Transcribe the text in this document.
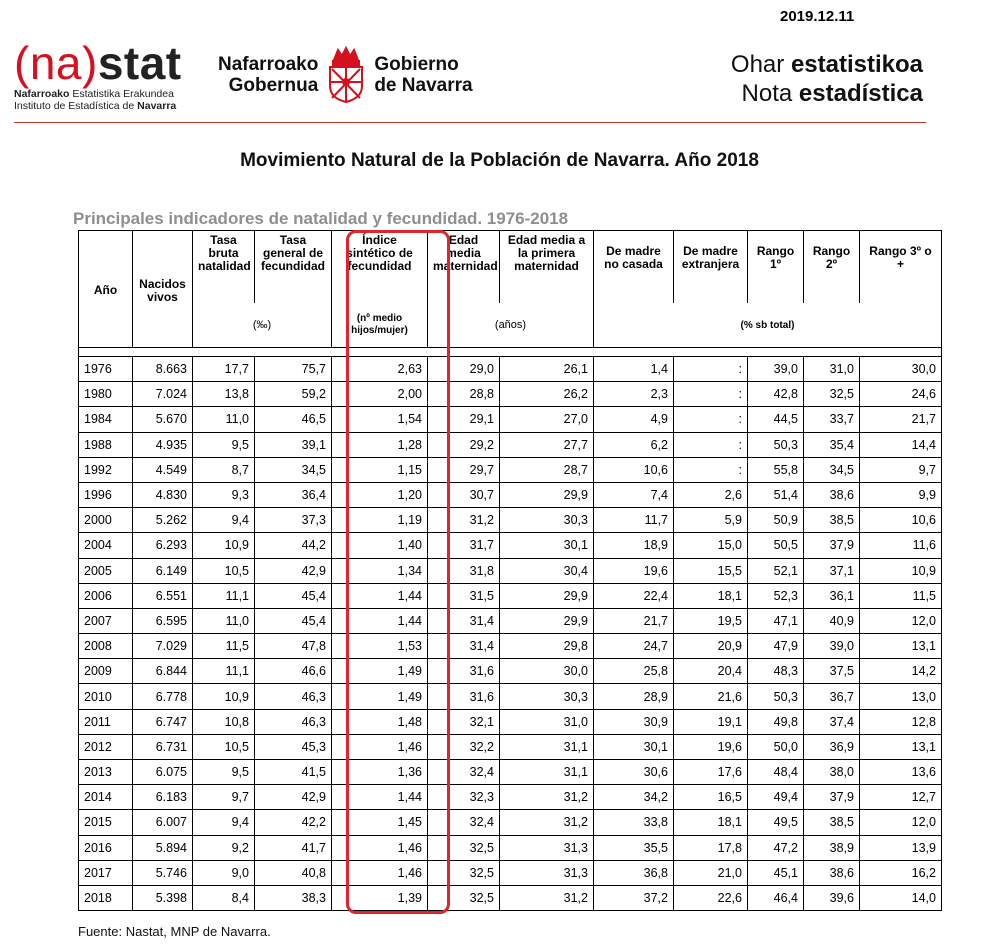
2019.12.11
(na)stat
Nafarroako Estatistika Erakundea
Instituto de Estadística de Navarra
Nafarroako
Gobernua
Gobierno
de Navarra
Ohar estatistikoa
Nota estadística
Movimiento Natural de la Población de Navarra. Año 2018
Principales indicadores de natalidad y fecundidad. 1976-2018
Año	Nacidos vivos	Tasa bruta natalidad	Tasa general de fecundidad	Índice sintético de fecundidad	Edad media maternidad	Edad media a la primera maternidad	De madre no casada	De madre extranjera	Rango 1º	Rango 2º	Rango 3º o +
		(‰)		(nº medio hijos/mujer)	(años)		(% sb total)				

1976	8.663	17,7	75,7	2,63	29,0	26,1	1,4	:	39,0	31,0	30,0
1980	7.024	13,8	59,2	2,00	28,8	26,2	2,3	:	42,8	32,5	24,6
1984	5.670	11,0	46,5	1,54	29,1	27,0	4,9	:	44,5	33,7	21,7
1988	4.935	9,5	39,1	1,28	29,2	27,7	6,2	:	50,3	35,4	14,4
1992	4.549	8,7	34,5	1,15	29,7	28,7	10,6	:	55,8	34,5	9,7
1996	4.830	9,3	36,4	1,20	30,7	29,9	7,4	2,6	51,4	38,6	9,9
2000	5.262	9,4	37,3	1,19	31,2	30,3	11,7	5,9	50,9	38,5	10,6
2004	6.293	10,9	44,2	1,40	31,7	30,1	18,9	15,0	50,5	37,9	11,6
2005	6.149	10,5	42,9	1,34	31,8	30,4	19,6	15,5	52,1	37,1	10,9
2006	6.551	11,1	45,4	1,44	31,5	29,9	22,4	18,1	52,3	36,1	11,5
2007	6.595	11,0	45,4	1,44	31,4	29,9	21,7	19,5	47,1	40,9	12,0
2008	7.029	11,5	47,8	1,53	31,4	29,8	24,7	20,9	47,9	39,0	13,1
2009	6.844	11,1	46,6	1,49	31,6	30,0	25,8	20,4	48,3	37,5	14,2
2010	6.778	10,9	46,3	1,49	31,6	30,3	28,9	21,6	50,3	36,7	13,0
2011	6.747	10,8	46,3	1,48	32,1	31,0	30,9	19,1	49,8	37,4	12,8
2012	6.731	10,5	45,3	1,46	32,2	31,1	30,1	19,6	50,0	36,9	13,1
2013	6.075	9,5	41,5	1,36	32,4	31,1	30,6	17,6	48,4	38,0	13,6
2014	6.183	9,7	42,9	1,44	32,3	31,2	34,2	16,5	49,4	37,9	12,7
2015	6.007	9,4	42,2	1,45	32,4	31,2	33,8	18,1	49,5	38,5	12,0
2016	5.894	9,2	41,7	1,46	32,5	31,3	35,5	17,8	47,2	38,9	13,9
2017	5.746	9,0	40,8	1,46	32,5	31,3	36,8	21,0	45,1	38,6	16,2
2018	5.398	8,4	38,3	1,39	32,5	31,2	37,2	22,6	46,4	39,6	14,0
Fuente: Nastat, MNP de Navarra.
